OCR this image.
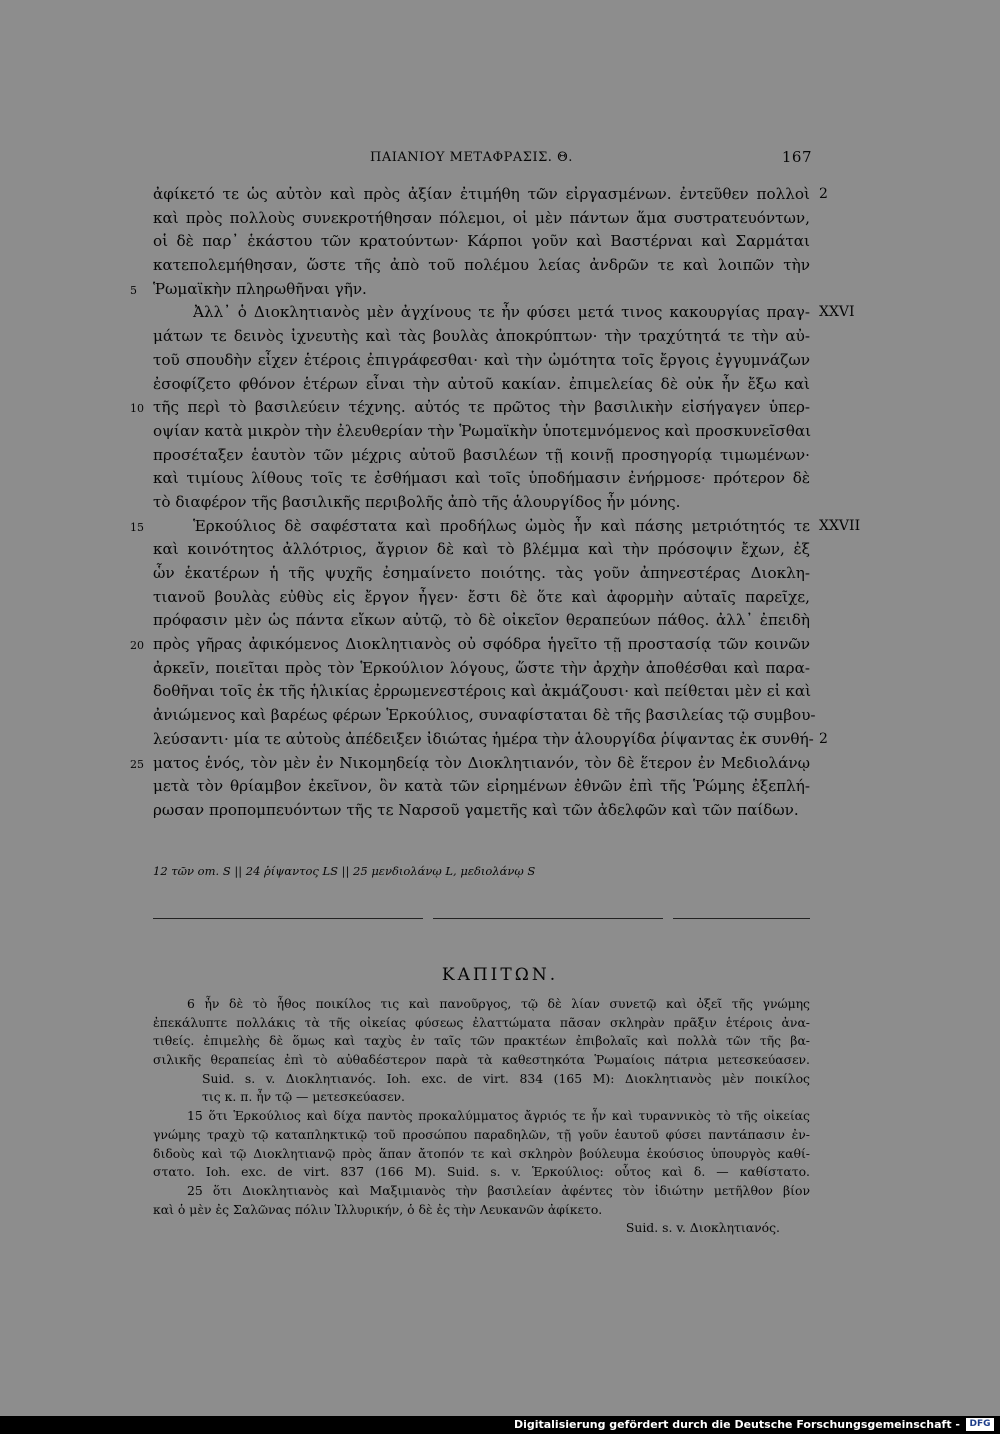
ΠΑΙΑΝΙΟΥ ΜΕΤΑΦΡΑΣΙΣ. Θ.	167
ἀφίκετό τε ὡς αὐτὸν καὶ πρὸς ἀξίαν ἐτιμήθη τῶν εἰργασμένων. ἐντεῦθεν πολλοὶ 2
καὶ πρὸς πολλοὺς συνεκροτήθησαν πόλεμοι, οἱ μὲν πάντων ἅμα συστρατευόντων,
οἱ δὲ παρ᾽ ἑκάστου τῶν κρατούντων· Κάρποι γοῦν καὶ Βαστέρναι καὶ Σαρμάται
κατεπολεμήθησαν, ὥστε τῆς ἀπὸ τοῦ πολέμου λείας ἀνδρῶν τε καὶ λοιπῶν τὴν
Ῥωμαϊκὴν πληρωθῆναι γῆν.
5
Ἀλλ᾽ ὁ Διοκλητιανὸς μὲν ἀγχίνους τε ἦν φύσει μετά τινος κακουργίας πραγ- XXVI
μάτων τε δεινὸς ἰχνευτὴς καὶ τὰς βουλὰς ἀποκρύπτων· τὴν τραχύτητά τε τὴν αὐ-
τοῦ σπουδὴν εἶχεν ἑτέροις ἐπιγράφεσθαι· καὶ τὴν ὠμότητα τοῖς ἔργοις ἐγγυμνάζων
ἐσοφίζετο φθόνον ἑτέρων εἶναι τὴν αὐτοῦ κακίαν. ἐπιμελείας δὲ οὐκ ἦν ἔξω καὶ
τῆς περὶ τὸ βασιλεύειν τέχνης. αὐτός τε πρῶτος τὴν βασιλικὴν εἰσήγαγεν ὑπερ-
10
οψίαν κατὰ μικρὸν τὴν ἐλευθερίαν τὴν Ῥωμαϊκὴν ὑποτεμνόμενος καὶ προσκυνεῖσθαι
προσέταξεν ἑαυτὸν τῶν μέχρις αὐτοῦ βασιλέων τῇ κοινῇ προσηγορίᾳ τιμωμένων·
καὶ τιμίους λίθους τοῖς τε ἐσθήμασι καὶ τοῖς ὑποδήμασιν ἐνήρμοσε· πρότερον δὲ
τὸ διαφέρον τῆς βασιλικῆς περιβολῆς ἀπὸ τῆς ἁλουργίδος ἦν μόνης.
Ἑρκούλιος δὲ σαφέστατα καὶ προδήλως ὠμὸς ἦν καὶ πάσης μετριότητός τε
15	XXVII
καὶ κοινότητος ἀλλότριος, ἄγριον δὲ καὶ τὸ βλέμμα καὶ τὴν πρόσοψιν ἔχων, ἐξ
ὧν ἑκατέρων ἡ τῆς ψυχῆς ἐσημαίνετο ποιότης. τὰς γοῦν ἀπηνεστέρας Διοκλη-
τιανοῦ βουλὰς εὐθὺς εἰς ἔργον ἦγεν· ἔστι δὲ ὅτε καὶ ἀφορμὴν αὐταῖς παρεῖχε,
πρόφασιν μὲν ὡς πάντα εἴκων αὐτῷ, τὸ δὲ οἰκεῖον θεραπεύων πάθος. ἀλλ᾽ ἐπειδὴ
πρὸς γῆρας ἀφικόμενος Διοκλητιανὸς οὐ σφόδρα ἡγεῖτο τῇ προστασίᾳ τῶν κοινῶν
20
ἀρκεῖν, ποιεῖται πρὸς τὸν Ἑρκούλιον λόγους, ὥστε τὴν ἀρχὴν ἀποθέσθαι καὶ παρα-
δοθῆναι τοῖς ἐκ τῆς ἡλικίας ἐρρωμενεστέροις καὶ ἀκμάζουσι· καὶ πείθεται μὲν εἰ καὶ
ἀνιώμενος καὶ βαρέως φέρων Ἑρκούλιος, συναφίσταται δὲ τῆς βασιλείας τῷ συμβου-
λεύσαντι· μία τε αὐτοὺς ἀπέδειξεν ἰδιώτας ἡμέρα τὴν ἁλουργίδα ῥίψαντας ἐκ συνθή- 2
ματος ἑνός, τὸν μὲν ἐν Νικομηδείᾳ τὸν Διοκλητιανόν, τὸν δὲ ἕτερον ἐν Μεδιολάνῳ
25
μετὰ τὸν θρίαμβον ἐκεῖνον, ὃν κατὰ τῶν εἰρημένων ἐθνῶν ἐπὶ τῆς Ῥώμης ἐξεπλή-
ρωσαν προπομπευόντων τῆς τε Ναρσοῦ γαμετῆς καὶ τῶν ἀδελφῶν καὶ τῶν παίδων.
12 τῶν om. S || 24 ῥίψαντος LS || 25 μενδιολάνῳ L, μεδιολάνῳ S
ΚΑΠΙΤΩΝ.
6 ἦν δὲ τὸ ἦθος ποικίλος τις καὶ πανοῦργος, τῷ δὲ λίαν συνετῷ καὶ ὀξεῖ τῆς γνώμης
ἐπεκάλυπτε πολλάκις τὰ τῆς οἰκείας φύσεως ἐλαττώματα πᾶσαν σκληρὰν πρᾶξιν ἑτέροις ἀνα-
τιθείς. ἐπιμελὴς δὲ ὅμως καὶ ταχὺς ἐν ταῖς τῶν πρακτέων ἐπιβολαῖς καὶ πολλὰ τῶν τῆς βα-
σιλικῆς θεραπείας ἐπὶ τὸ αὐθαδέστερον παρὰ τὰ καθεστηκότα Ῥωμαίοις πάτρια μετεσκεύασεν.
Suid. s. v. Διοκλητιανός. Ioh. exc. de virt. 834 (165 M): Διοκλητιανὸς μὲν ποικίλος
τις κ. π. ἦν τῷ — μετεσκεύασεν.
15 ὅτι Ἑρκούλιος καὶ δίχα παντὸς προκαλύμματος ἄγριός τε ἦν καὶ τυραννικὸς τὸ τῆς οἰκείας
γνώμης τραχὺ τῷ καταπληκτικῷ τοῦ προσώπου παραδηλῶν, τῇ γοῦν ἑαυτοῦ φύσει παντάπασιν ἐν-
διδοὺς καὶ τῷ Διοκλητιανῷ πρὸς ἅπαν ἄτοπόν τε καὶ σκληρὸν βούλευμα ἑκούσιος ὑπουργὸς καθί-
στατο. Ioh. exc. de virt. 837 (166 M). Suid. s. v. Ἑρκούλιος: οὗτος καὶ δ. — καθίστατο.
25 ὅτι Διοκλητιανὸς καὶ Μαξιμιανὸς τὴν βασιλείαν ἀφέντες τὸν ἰδιώτην μετῆλθον βίον
καὶ ὁ μὲν ἐς Σαλῶνας πόλιν Ἰλλυρικήν, ὁ δὲ ἐς τὴν Λευκανῶν ἀφίκετο.
Suid. s. v. Διοκλητιανός.
Digitalisierung gefördert durch die Deutsche Forschungsgemeinschaft -	DFG
